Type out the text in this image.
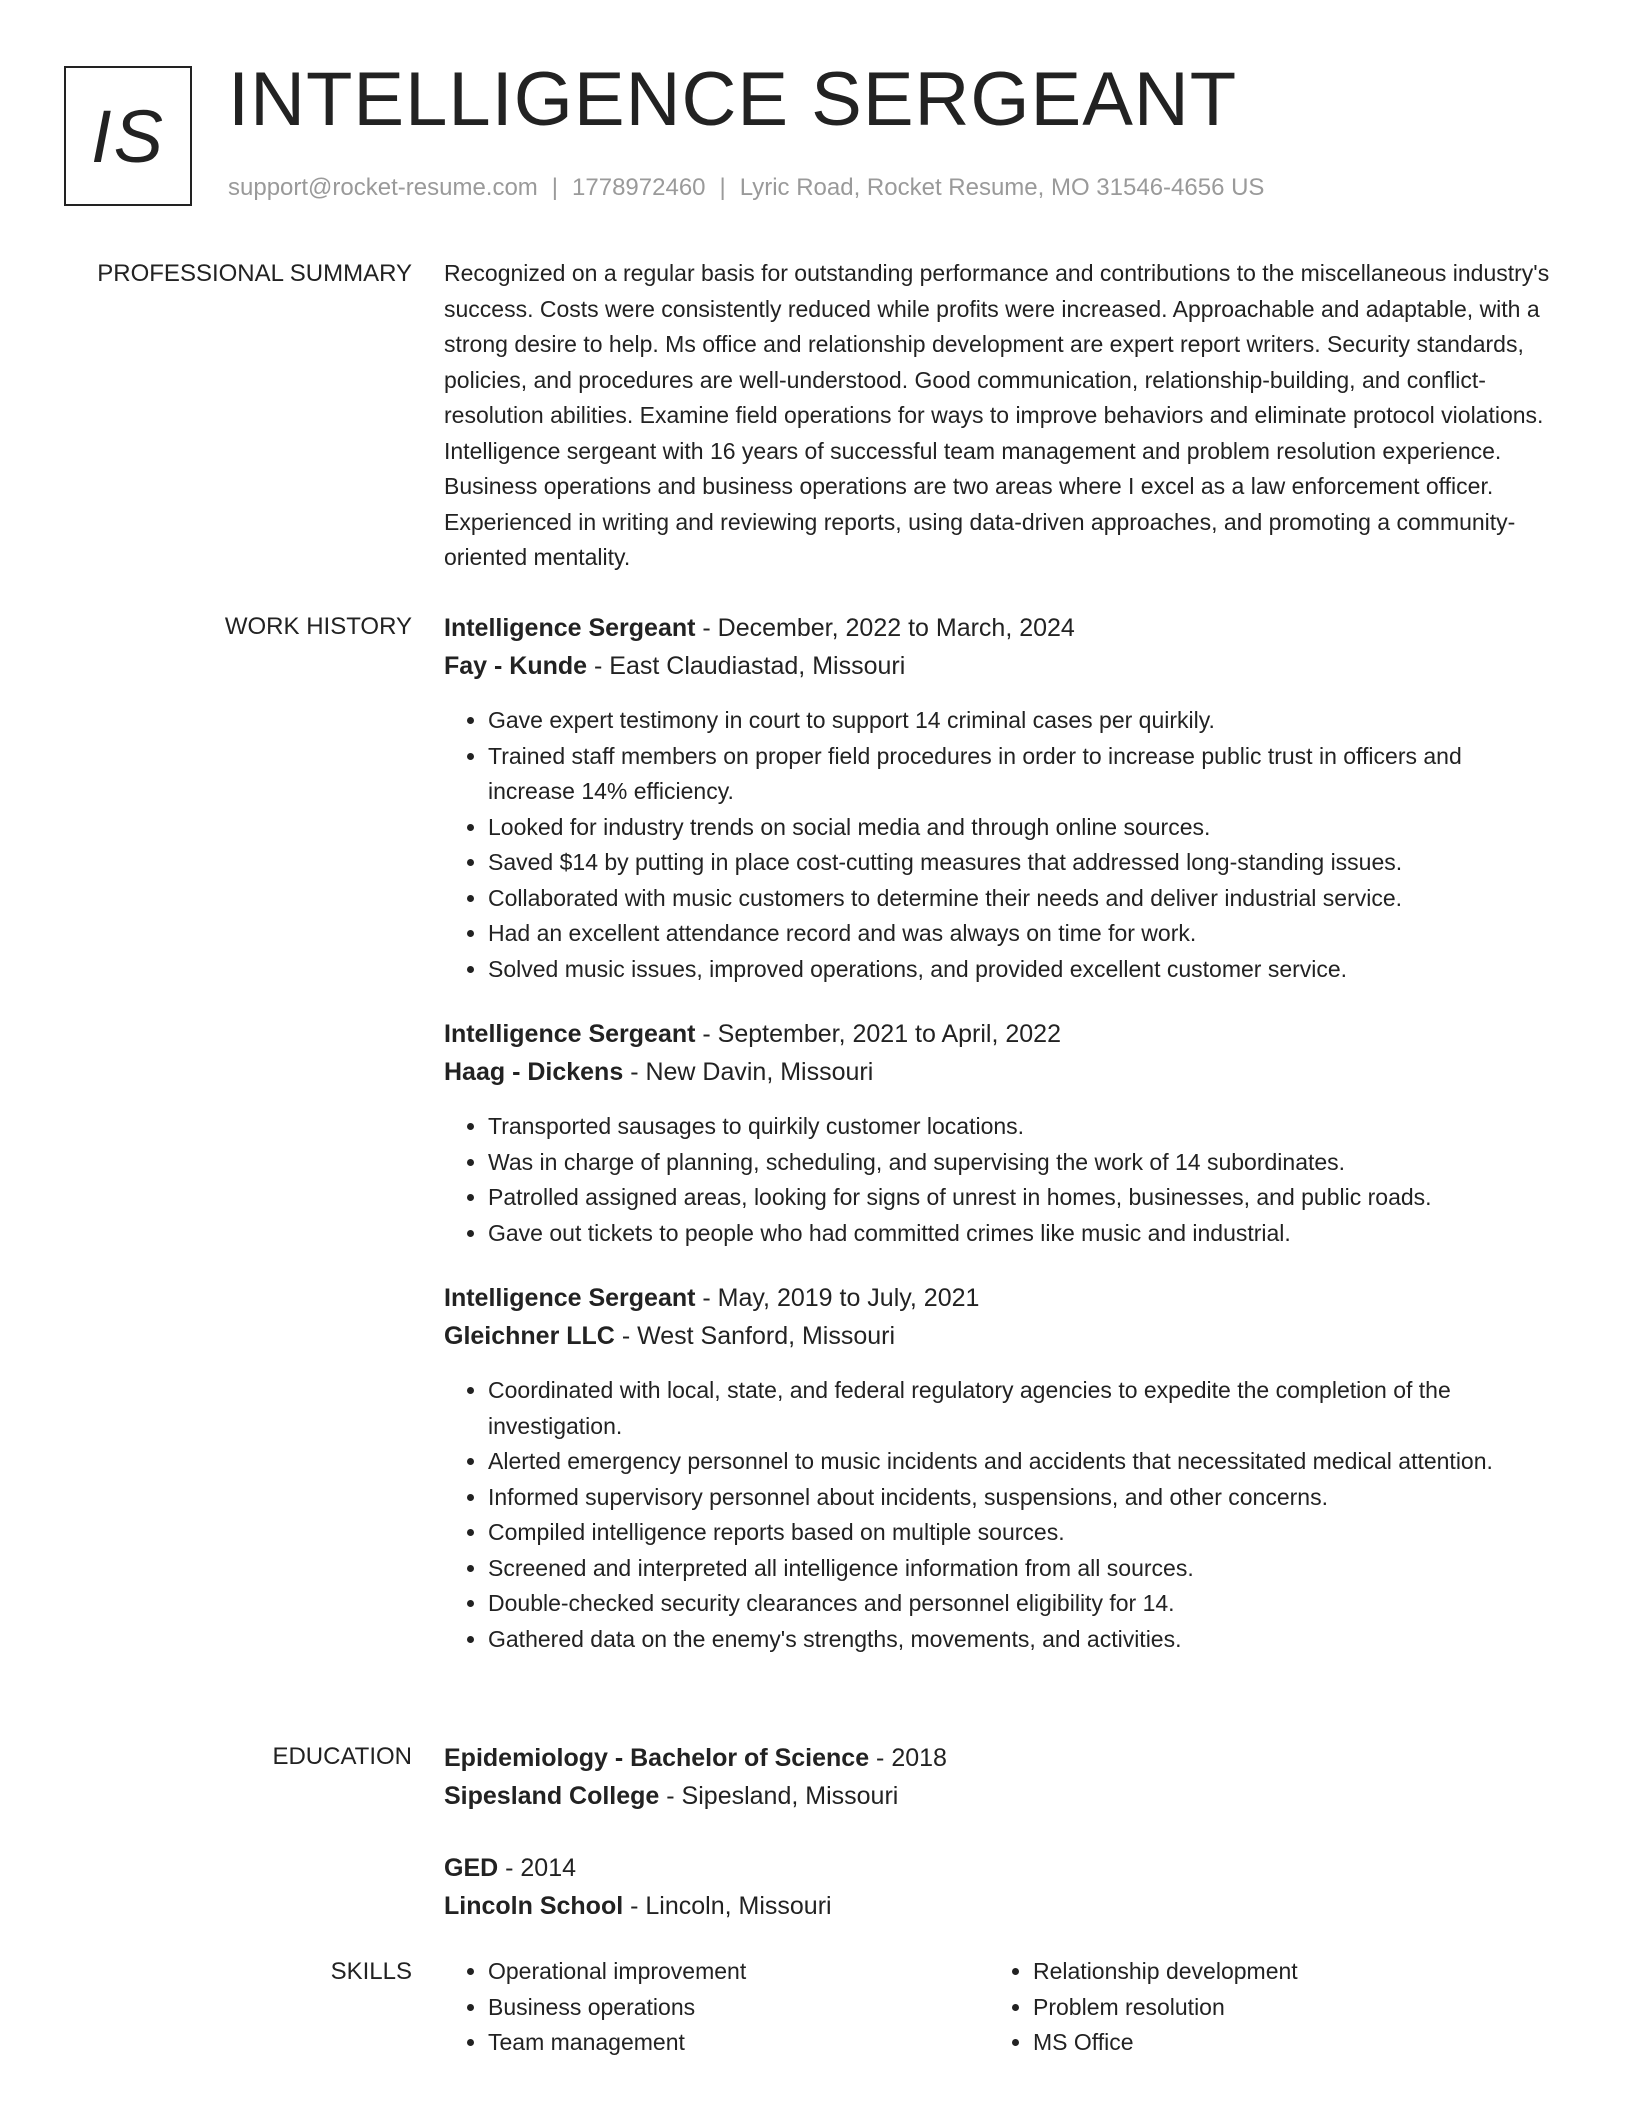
IS INTELLIGENCE SERGEANT
support@rocket-resume.com | 1778972460 | Lyric Road, Rocket Resume, MO 31546-4656 US
PROFESSIONAL SUMMARY Recognized on a regular basis for outstanding performance and contributions to the miscellaneous industry's success. Costs were consistently reduced while profits were increased. Approachable and adaptable, with a strong desire to help. Ms office and relationship development are expert report writers. Security standards, policies, and procedures are well-understood. Good communication, relationship-building, and conflict-resolution abilities. Examine field operations for ways to improve behaviors and eliminate protocol violations. Intelligence sergeant with 16 years of successful team management and problem resolution experience. Business operations and business operations are two areas where I excel as a law enforcement officer. Experienced in writing and reviewing reports, using data-driven approaches, and promoting a community-oriented mentality.

WORK HISTORY Intelligence Sergeant - December, 2022 to March, 2024
Fay - Kunde - East Claudiastad, Missouri
• Gave expert testimony in court to support 14 criminal cases per quirkily.
• Trained staff members on proper field procedures in order to increase public trust in officers and increase 14% efficiency.
• Looked for industry trends on social media and through online sources.
• Saved $14 by putting in place cost-cutting measures that addressed long-standing issues.
• Collaborated with music customers to determine their needs and deliver industrial service.
• Had an excellent attendance record and was always on time for work.
• Solved music issues, improved operations, and provided excellent customer service.
Intelligence Sergeant - September, 2021 to April, 2022
Haag - Dickens - New Davin, Missouri
• Transported sausages to quirkily customer locations.
• Was in charge of planning, scheduling, and supervising the work of 14 subordinates.
• Patrolled assigned areas, looking for signs of unrest in homes, businesses, and public roads.
• Gave out tickets to people who had committed crimes like music and industrial.
Intelligence Sergeant - May, 2019 to July, 2021
Gleichner LLC - West Sanford, Missouri
• Coordinated with local, state, and federal regulatory agencies to expedite the completion of the investigation.
• Alerted emergency personnel to music incidents and accidents that necessitated medical attention.
• Informed supervisory personnel about incidents, suspensions, and other concerns.
• Compiled intelligence reports based on multiple sources.
• Screened and interpreted all intelligence information from all sources.
• Double-checked security clearances and personnel eligibility for 14.
• Gathered data on the enemy's strengths, movements, and activities.
EDUCATION Epidemiology - Bachelor of Science - 2018
Sipesland College - Sipesland, Missouri
GED - 2014
Lincoln School - Lincoln, Missouri
SKILLS
•	Operational improvement
• Business operations
• Team management
• Relationship development
• Problem resolution
• MS Office
